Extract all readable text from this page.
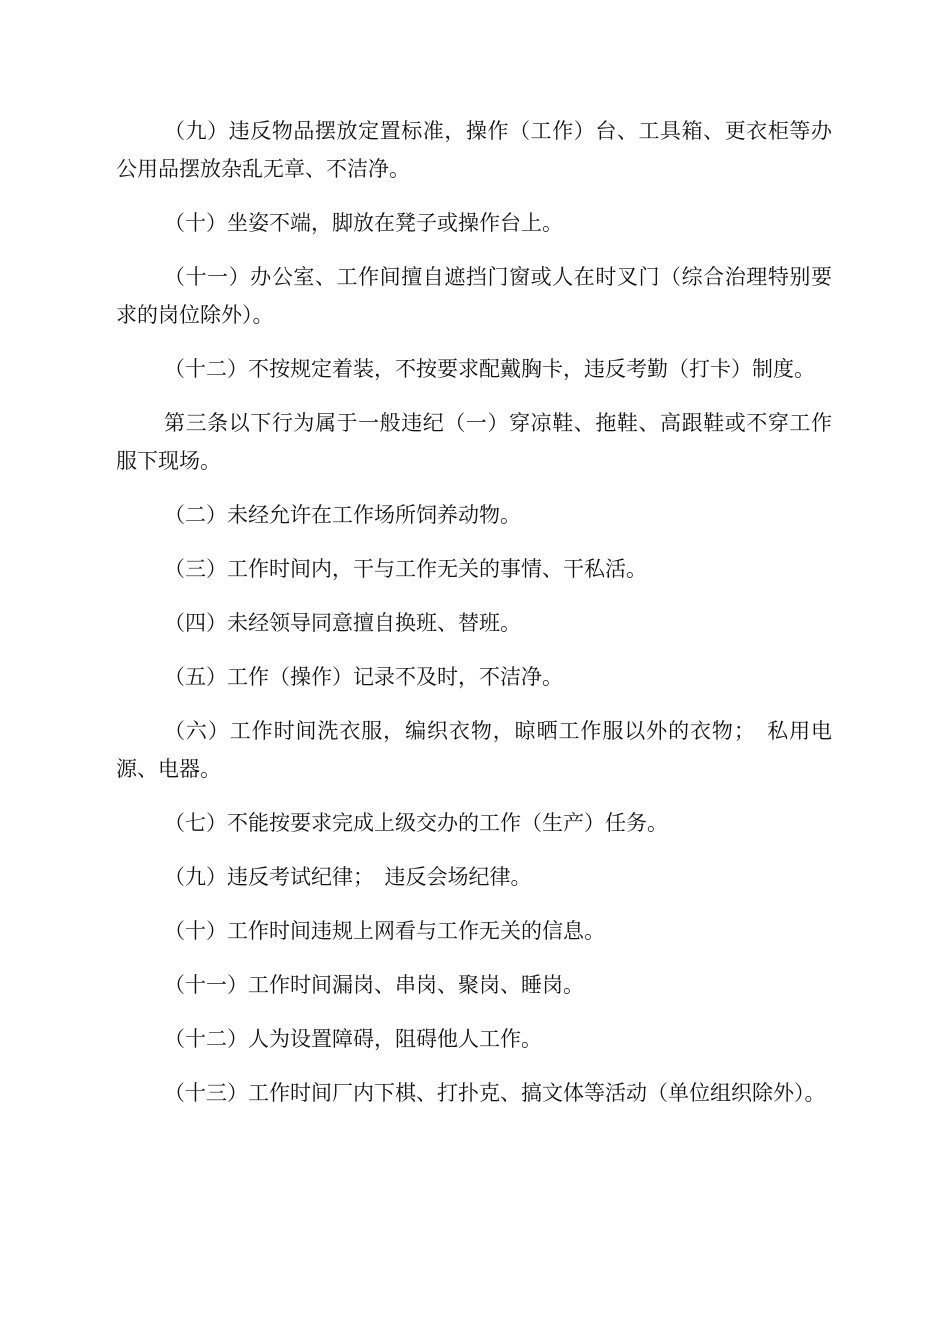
（九）违反物品摆放定置标准，操作（工作）台、工具箱、更衣柜等办公用品摆放杂乱无章、不洁净。

（十）坐姿不端，脚放在凳子或操作台上。

（十一）办公室、工作间擅自遮挡门窗或人在时叉门（综合治理特别要求的岗位除外）。

（十二）不按规定着装，不按要求配戴胸卡，违反考勤（打卡）制度。

第三条以下行为属于一般违纪（一）穿凉鞋、拖鞋、高跟鞋或不穿工作服下现场。

（二）未经允许在工作场所饲养动物。

（三）工作时间内，干与工作无关的事情、干私活。

（四）未经领导同意擅自换班、替班。

（五）工作（操作）记录不及时，不洁净。

（六）工作时间洗衣服，编织衣物，晾晒工作服以外的衣物；　私用电源、电器。

（七）不能按要求完成上级交办的工作（生产）任务。

（九）违反考试纪律；　违反会场纪律。

（十）工作时间违规上网看与工作无关的信息。

（十一）工作时间漏岗、串岗、聚岗、睡岗。

（十二）人为设置障碍，阻碍他人工作。

（十三）工作时间厂内下棋、打扑克、搞文体等活动（单位组织除外）。
